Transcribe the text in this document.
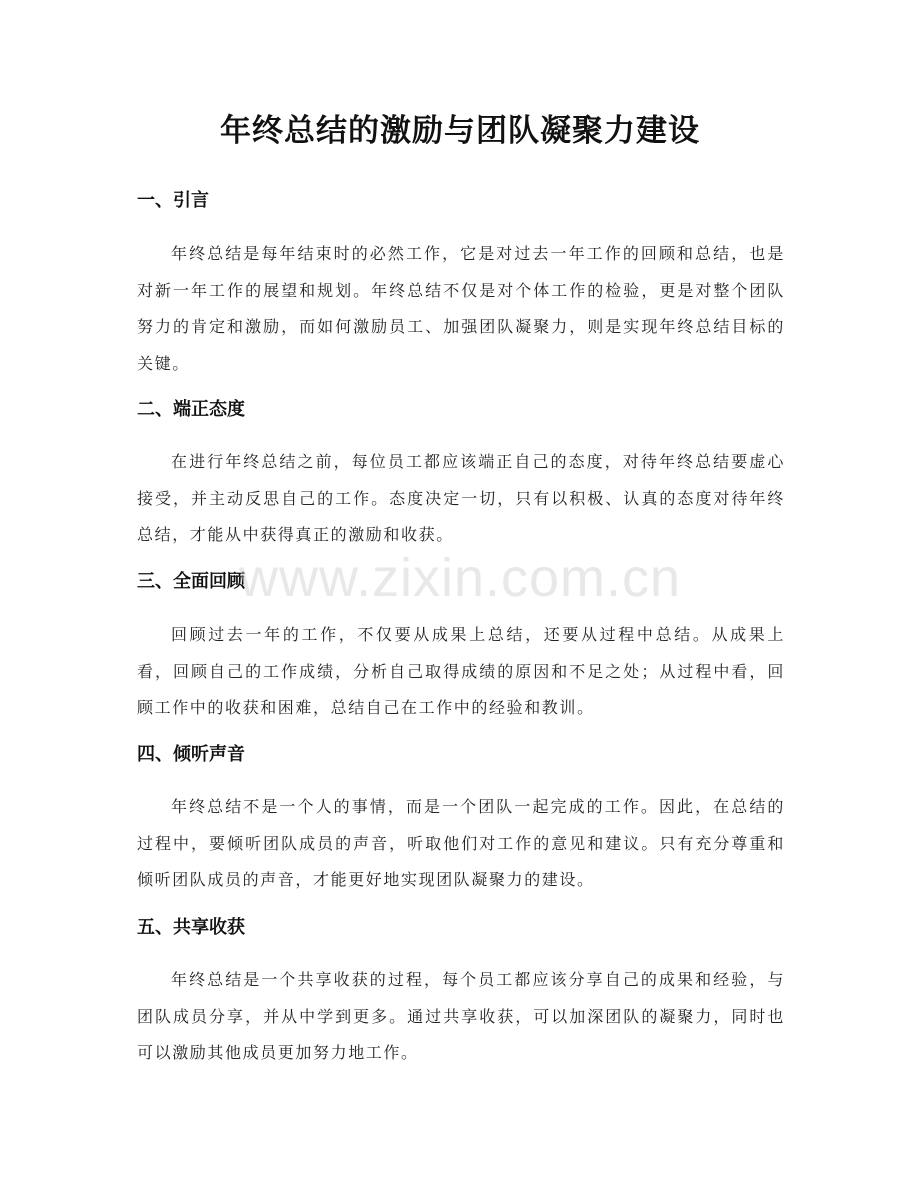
年终总结的激励与团队凝聚力建设
一、引言
年终总结是每年结束时的必然工作，它是对过去一年工作的回顾和总结，也是对新一年工作的展望和规划。年终总结不仅是对个体工作的检验，更是对整个团队努力的肯定和激励，而如何激励员工、加强团队凝聚力，则是实现年终总结目标的关键。
二、端正态度
在进行年终总结之前，每位员工都应该端正自己的态度，对待年终总结要虚心接受，并主动反思自己的工作。态度决定一切，只有以积极、认真的态度对待年终总结，才能从中获得真正的激励和收获。
三、全面回顾
回顾过去一年的工作，不仅要从成果上总结，还要从过程中总结。从成果上看，回顾自己的工作成绩，分析自己取得成绩的原因和不足之处；从过程中看，回顾工作中的收获和困难，总结自己在工作中的经验和教训。
四、倾听声音
年终总结不是一个人的事情，而是一个团队一起完成的工作。因此，在总结的过程中，要倾听团队成员的声音，听取他们对工作的意见和建议。只有充分尊重和倾听团队成员的声音，才能更好地实现团队凝聚力的建设。
五、共享收获
年终总结是一个共享收获的过程，每个员工都应该分享自己的成果和经验，与团队成员分享，并从中学到更多。通过共享收获，可以加深团队的凝聚力，同时也可以激励其他成员更加努力地工作。
www.zixin.com.cn
